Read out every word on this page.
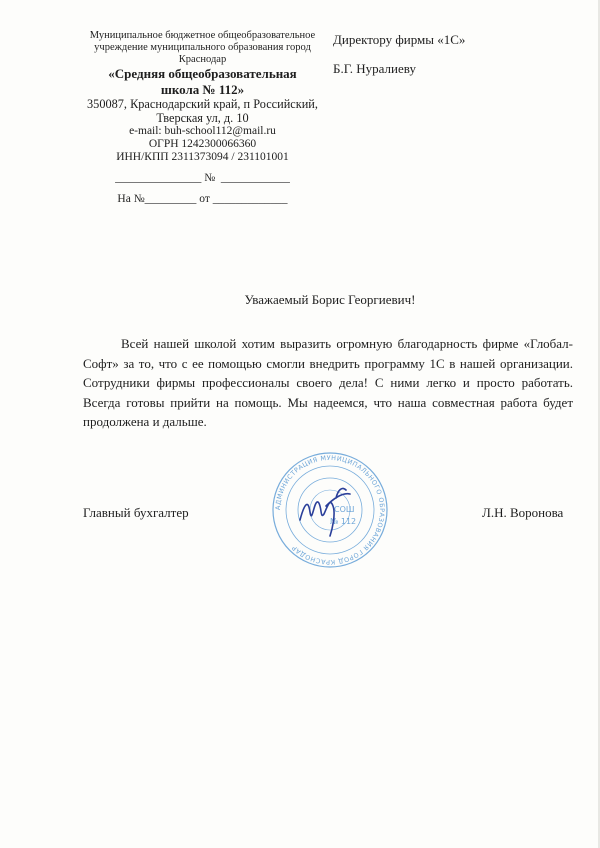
Муниципальное бюджетное общеобразовательное
учреждение муниципального образования город
Краснодар
«Средняя общеобразовательная
школа № 112»
350087, Краснодарский край, п Российский,
Тверская ул, д. 10
e-mail: buh-school112@mail.ru
ОГРН 1242300066360
ИНН/КПП 2311373094 / 231101001
_______________ №  ____________
На №_________ от _____________
Директору фирмы «1С»
Б.Г. Нуралиеву
Уважаемый Борис Георгиевич!

Всей нашей школой хотим выразить огромную благодарность фирме «Глобал-Софт» за то, что с ее помощью смогли внедрить программу 1С в нашей организации. Сотрудники фирмы профессионалы своего дела! С ними легко и просто работать. Всегда готовы прийти на помощь. Мы надеемся, что наша совместная работа будет продолжена и дальше.

Главный бухгалтер	Л.Н. Воронова
АДМИНИСТРАЦИЯ МУНИЦИПАЛЬНОГО ОБРАЗОВАНИЯ ГОРОД КРАСНОДАР
СОШ
№ 112
